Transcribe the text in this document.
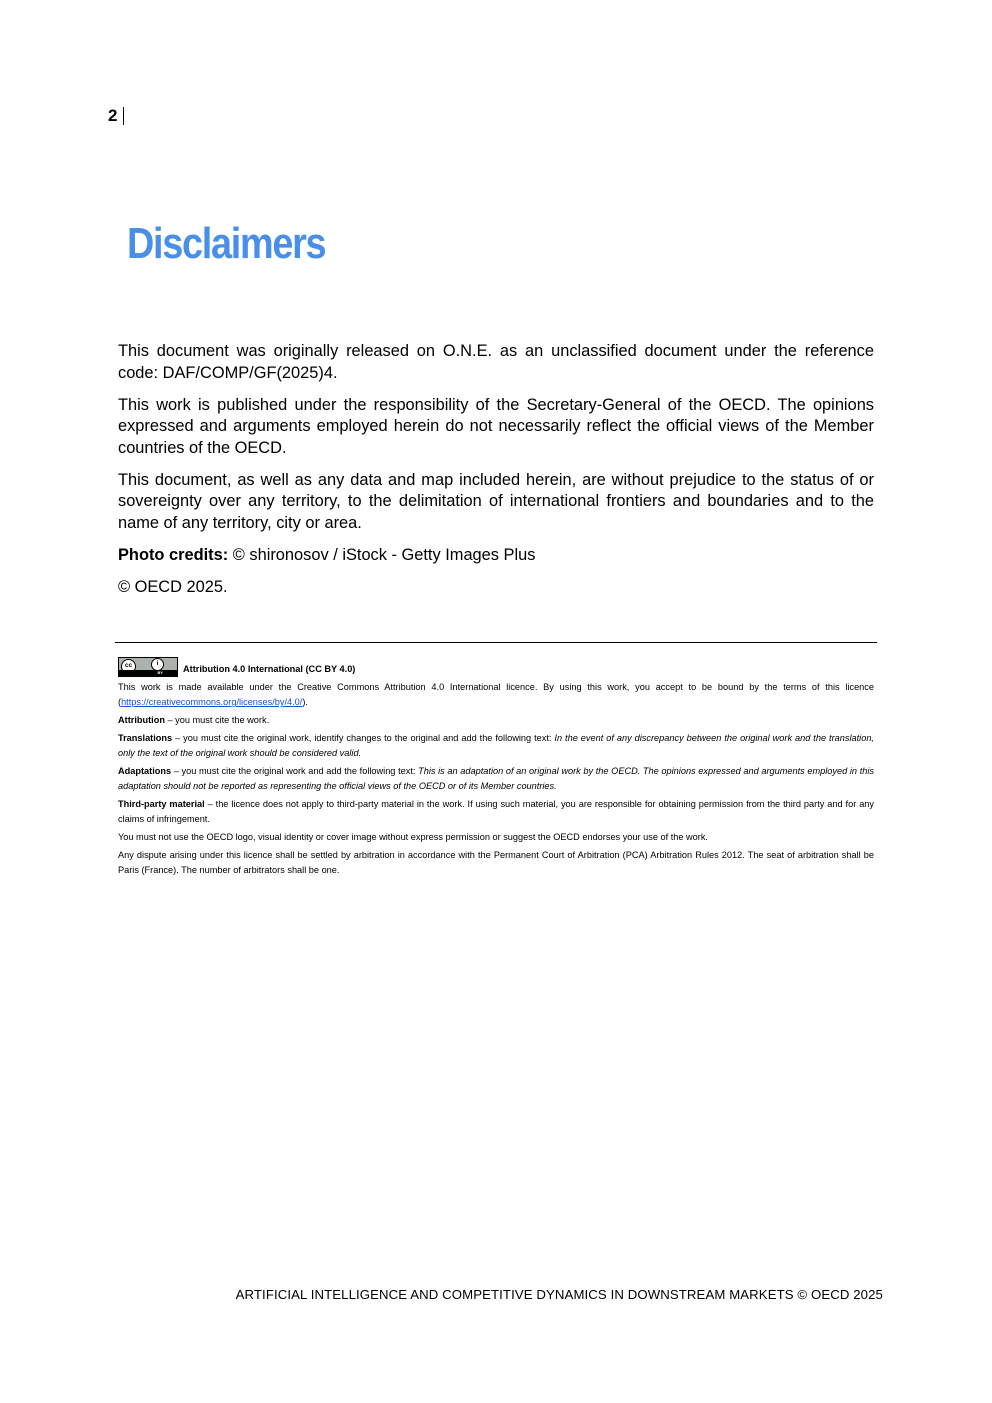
2
Disclaimers

This document was originally released on O.N.E. as an unclassified document under the reference code: DAF/COMP/GF(2025)4.

This work is published under the responsibility of the Secretary-General of the OECD. The opinions expressed and arguments employed herein do not necessarily reflect the official views of the Member countries of the OECD.

This document, as well as any data and map included herein, are without prejudice to the status of or sovereignty over any territory, to the delimitation of international frontiers and boundaries and to the name of any territory, city or area.

Photo credits: © shironosov / iStock - Getty Images Plus

© OECD 2025.

cc	i
BY Attribution 4.0 International (CC BY 4.0)

This work is made available under the Creative Commons Attribution 4.0 International licence. By using this work, you accept to be bound by the terms of this licence (https://creativecommons.org/licenses/by/4.0/).

Attribution – you must cite the work.

Translations – you must cite the original work, identify changes to the original and add the following text: In the event of any discrepancy between the original work and the translation, only the text of the original work should be considered valid.

Adaptations – you must cite the original work and add the following text: This is an adaptation of an original work by the OECD. The opinions expressed and arguments employed in this adaptation should not be reported as representing the official views of the OECD or of its Member countries.

Third-party material – the licence does not apply to third-party material in the work. If using such material, you are responsible for obtaining permission from the third party and for any claims of infringement.

You must not use the OECD logo, visual identity or cover image without express permission or suggest the OECD endorses your use of the work.

Any dispute arising under this licence shall be settled by arbitration in accordance with the Permanent Court of Arbitration (PCA) Arbitration Rules 2012. The seat of arbitration shall be Paris (France). The number of arbitrators shall be one.

ARTIFICIAL INTELLIGENCE AND COMPETITIVE DYNAMICS IN DOWNSTREAM MARKETS © OECD 2025
